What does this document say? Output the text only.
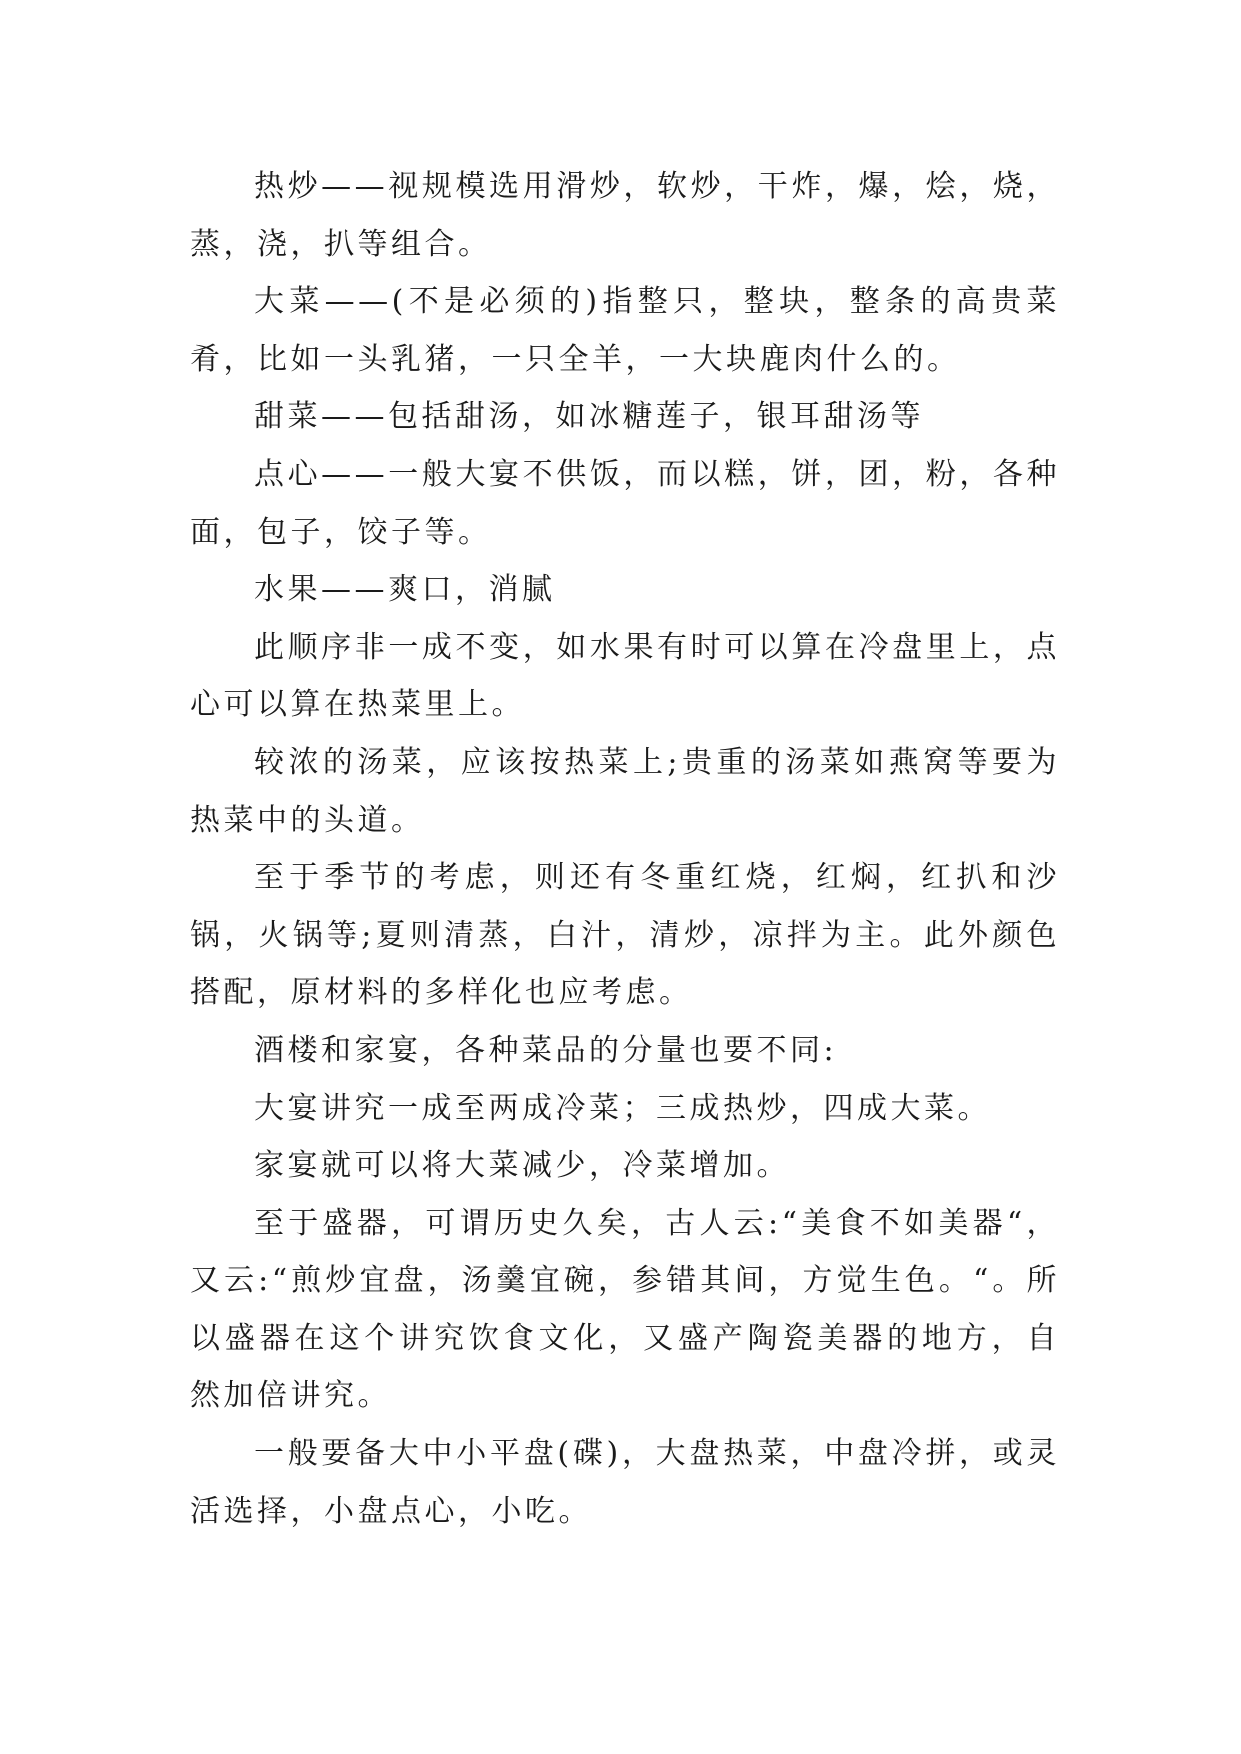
热炒——视规模选用滑炒，软炒，干炸，爆，烩，烧，蒸，浇，扒等组合。

大菜——(不是必须的)指整只，整块，整条的高贵菜肴，比如一头乳猪，一只全羊，一大块鹿肉什么的。

甜菜——包括甜汤，如冰糖莲子，银耳甜汤等

点心——一般大宴不供饭，而以糕，饼，团，粉，各种面，包子，饺子等。

水果——爽口，消腻

此顺序非一成不变，如水果有时可以算在冷盘里上，点心可以算在热菜里上。

较浓的汤菜，应该按热菜上;贵重的汤菜如燕窝等要为热菜中的头道。

至于季节的考虑，则还有冬重红烧，红焖，红扒和沙锅，火锅等;夏则清蒸，白汁，清炒，凉拌为主。此外颜色搭配，原材料的多样化也应考虑。

酒楼和家宴，各种菜品的分量也要不同:

大宴讲究一成至两成冷菜；三成热炒，四成大菜。

家宴就可以将大菜减少，冷菜增加。

至于盛器，可谓历史久矣，古人云:“美食不如美器“，又云:“煎炒宜盘，汤羹宜碗，参错其间，方觉生色。“。所以盛器在这个讲究饮食文化，又盛产陶瓷美器的地方，自然加倍讲究。

一般要备大中小平盘(碟)，大盘热菜，中盘冷拼，或灵活选择，小盘点心，小吃。
